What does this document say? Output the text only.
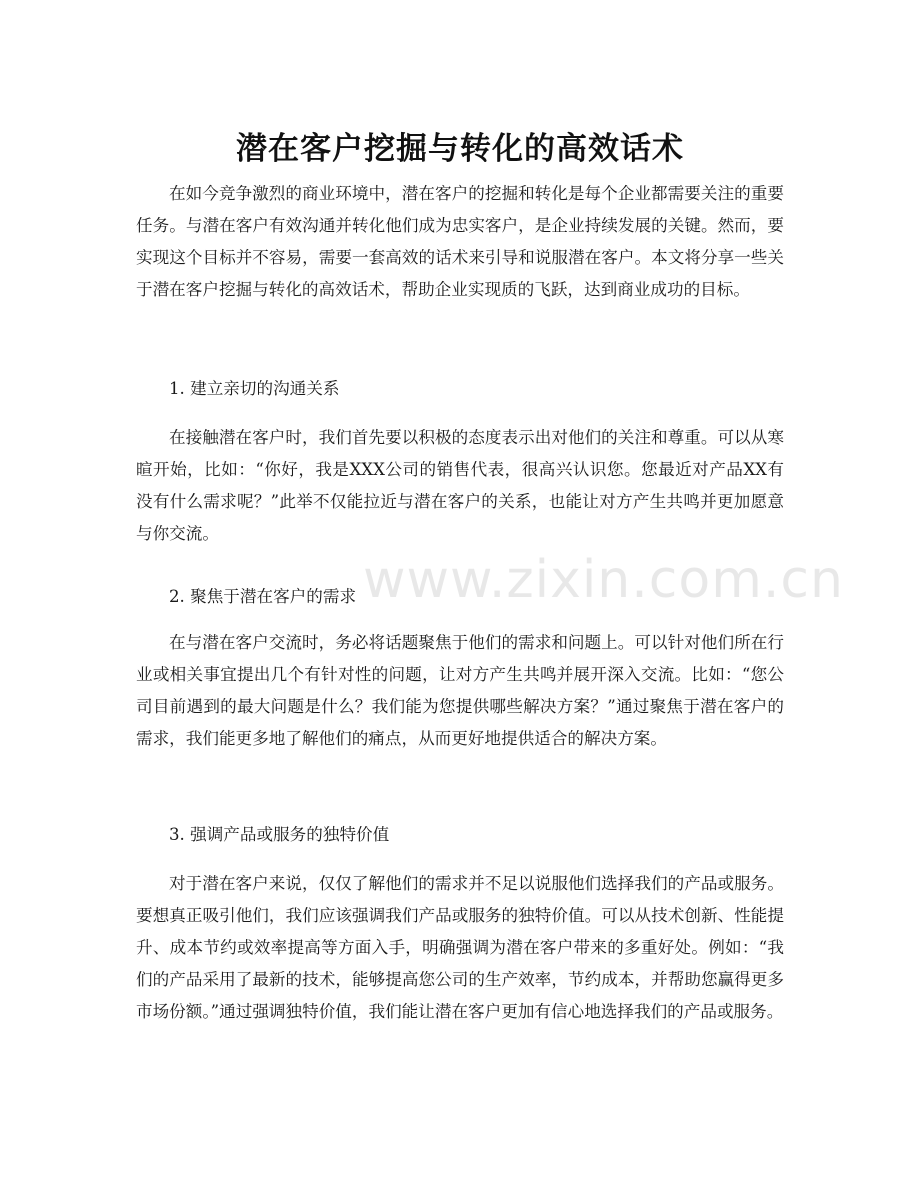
潜在客户挖掘与转化的高效话术

在如今竞争激烈的商业环境中，潜在客户的挖掘和转化是每个企业都需要关注的重要任务。与潜在客户有效沟通并转化他们成为忠实客户，是企业持续发展的关键。然而，要实现这个目标并不容易，需要一套高效的话术来引导和说服潜在客户。本文将分享一些关于潜在客户挖掘与转化的高效话术，帮助企业实现质的飞跃，达到商业成功的目标。

1. 建立亲切的沟通关系

在接触潜在客户时，我们首先要以积极的态度表示出对他们的关注和尊重。可以从寒暄开始，比如：“你好，我是XXX公司的销售代表，很高兴认识您。您最近对产品XX有没有什么需求呢？”此举不仅能拉近与潜在客户的关系，也能让对方产生共鸣并更加愿意与你交流。

2. 聚焦于潜在客户的需求

在与潜在客户交流时，务必将话题聚焦于他们的需求和问题上。可以针对他们所在行业或相关事宜提出几个有针对性的问题，让对方产生共鸣并展开深入交流。比如：“您公司目前遇到的最大问题是什么？我们能为您提供哪些解决方案？”通过聚焦于潜在客户的需求，我们能更多地了解他们的痛点，从而更好地提供适合的解决方案。

3. 强调产品或服务的独特价值

对于潜在客户来说，仅仅了解他们的需求并不足以说服他们选择我们的产品或服务。要想真正吸引他们，我们应该强调我们产品或服务的独特价值。可以从技术创新、性能提升、成本节约或效率提高等方面入手，明确强调为潜在客户带来的多重好处。例如：“我们的产品采用了最新的技术，能够提高您公司的生产效率，节约成本，并帮助您赢得更多市场份额。”通过强调独特价值，我们能让潜在客户更加有信心地选择我们的产品或服务。

www.zixin.com.cn
